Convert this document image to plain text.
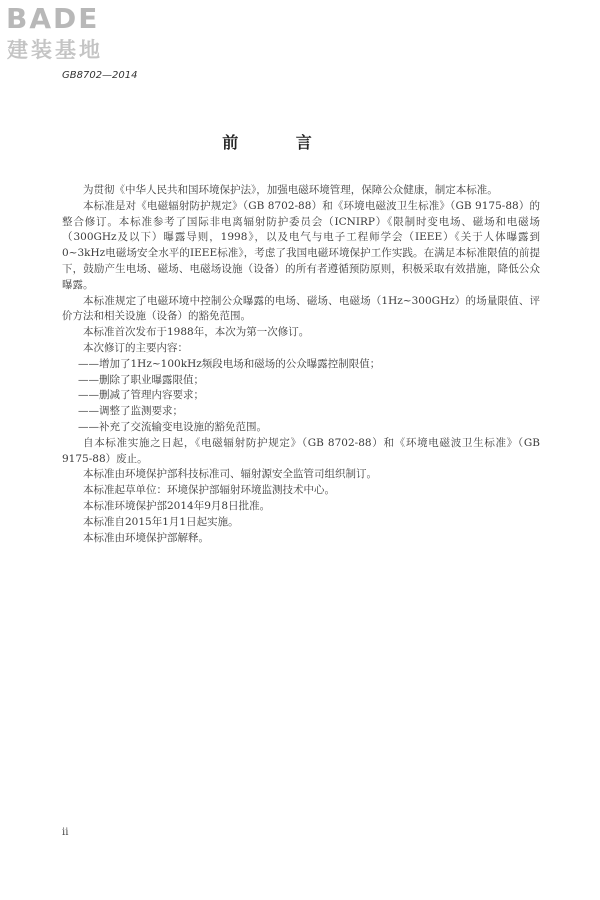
BADE
建装基地
GB8702—2014
前 言

为贯彻《中华人民共和国环境保护法》，加强电磁环境管理，保障公众健康，制定本标准。

本标准是对《电磁辐射防护规定》（GB 8702-88）和《环境电磁波卫生标准》（GB 9175-88）的整合修订。本标准参考了国际非电离辐射防护委员会（ICNIRP）《限制时变电场、磁场和电磁场（300GHz及以下）曝露导则，1998》，以及电气与电子工程师学会（IEEE）《关于人体曝露到0~3kHz电磁场安全水平的IEEE标准》，考虑了我国电磁环境保护工作实践。在满足本标准限值的前提下，鼓励产生电场、磁场、电磁场设施（设备）的所有者遵循预防原则，积极采取有效措施，降低公众曝露。

本标准规定了电磁环境中控制公众曝露的电场、磁场、电磁场（1Hz~300GHz）的场量限值、评价方法和相关设施（设备）的豁免范围。

本标准首次发布于1988年，本次为第一次修订。

本次修订的主要内容：

——增加了1Hz~100kHz频段电场和磁场的公众曝露控制限值；

——删除了职业曝露限值；

——删减了管理内容要求；

——调整了监测要求；

——补充了交流输变电设施的豁免范围。

自本标准实施之日起，《电磁辐射防护规定》（GB 8702-88）和《环境电磁波卫生标准》（GB 9175-88）废止。

本标准由环境保护部科技标准司、辐射源安全监管司组织制订。

本标准起草单位：环境保护部辐射环境监测技术中心。

本标准环境保护部2014年9月8日批准。

本标准自2015年1月1日起实施。

本标准由环境保护部解释。

ii
